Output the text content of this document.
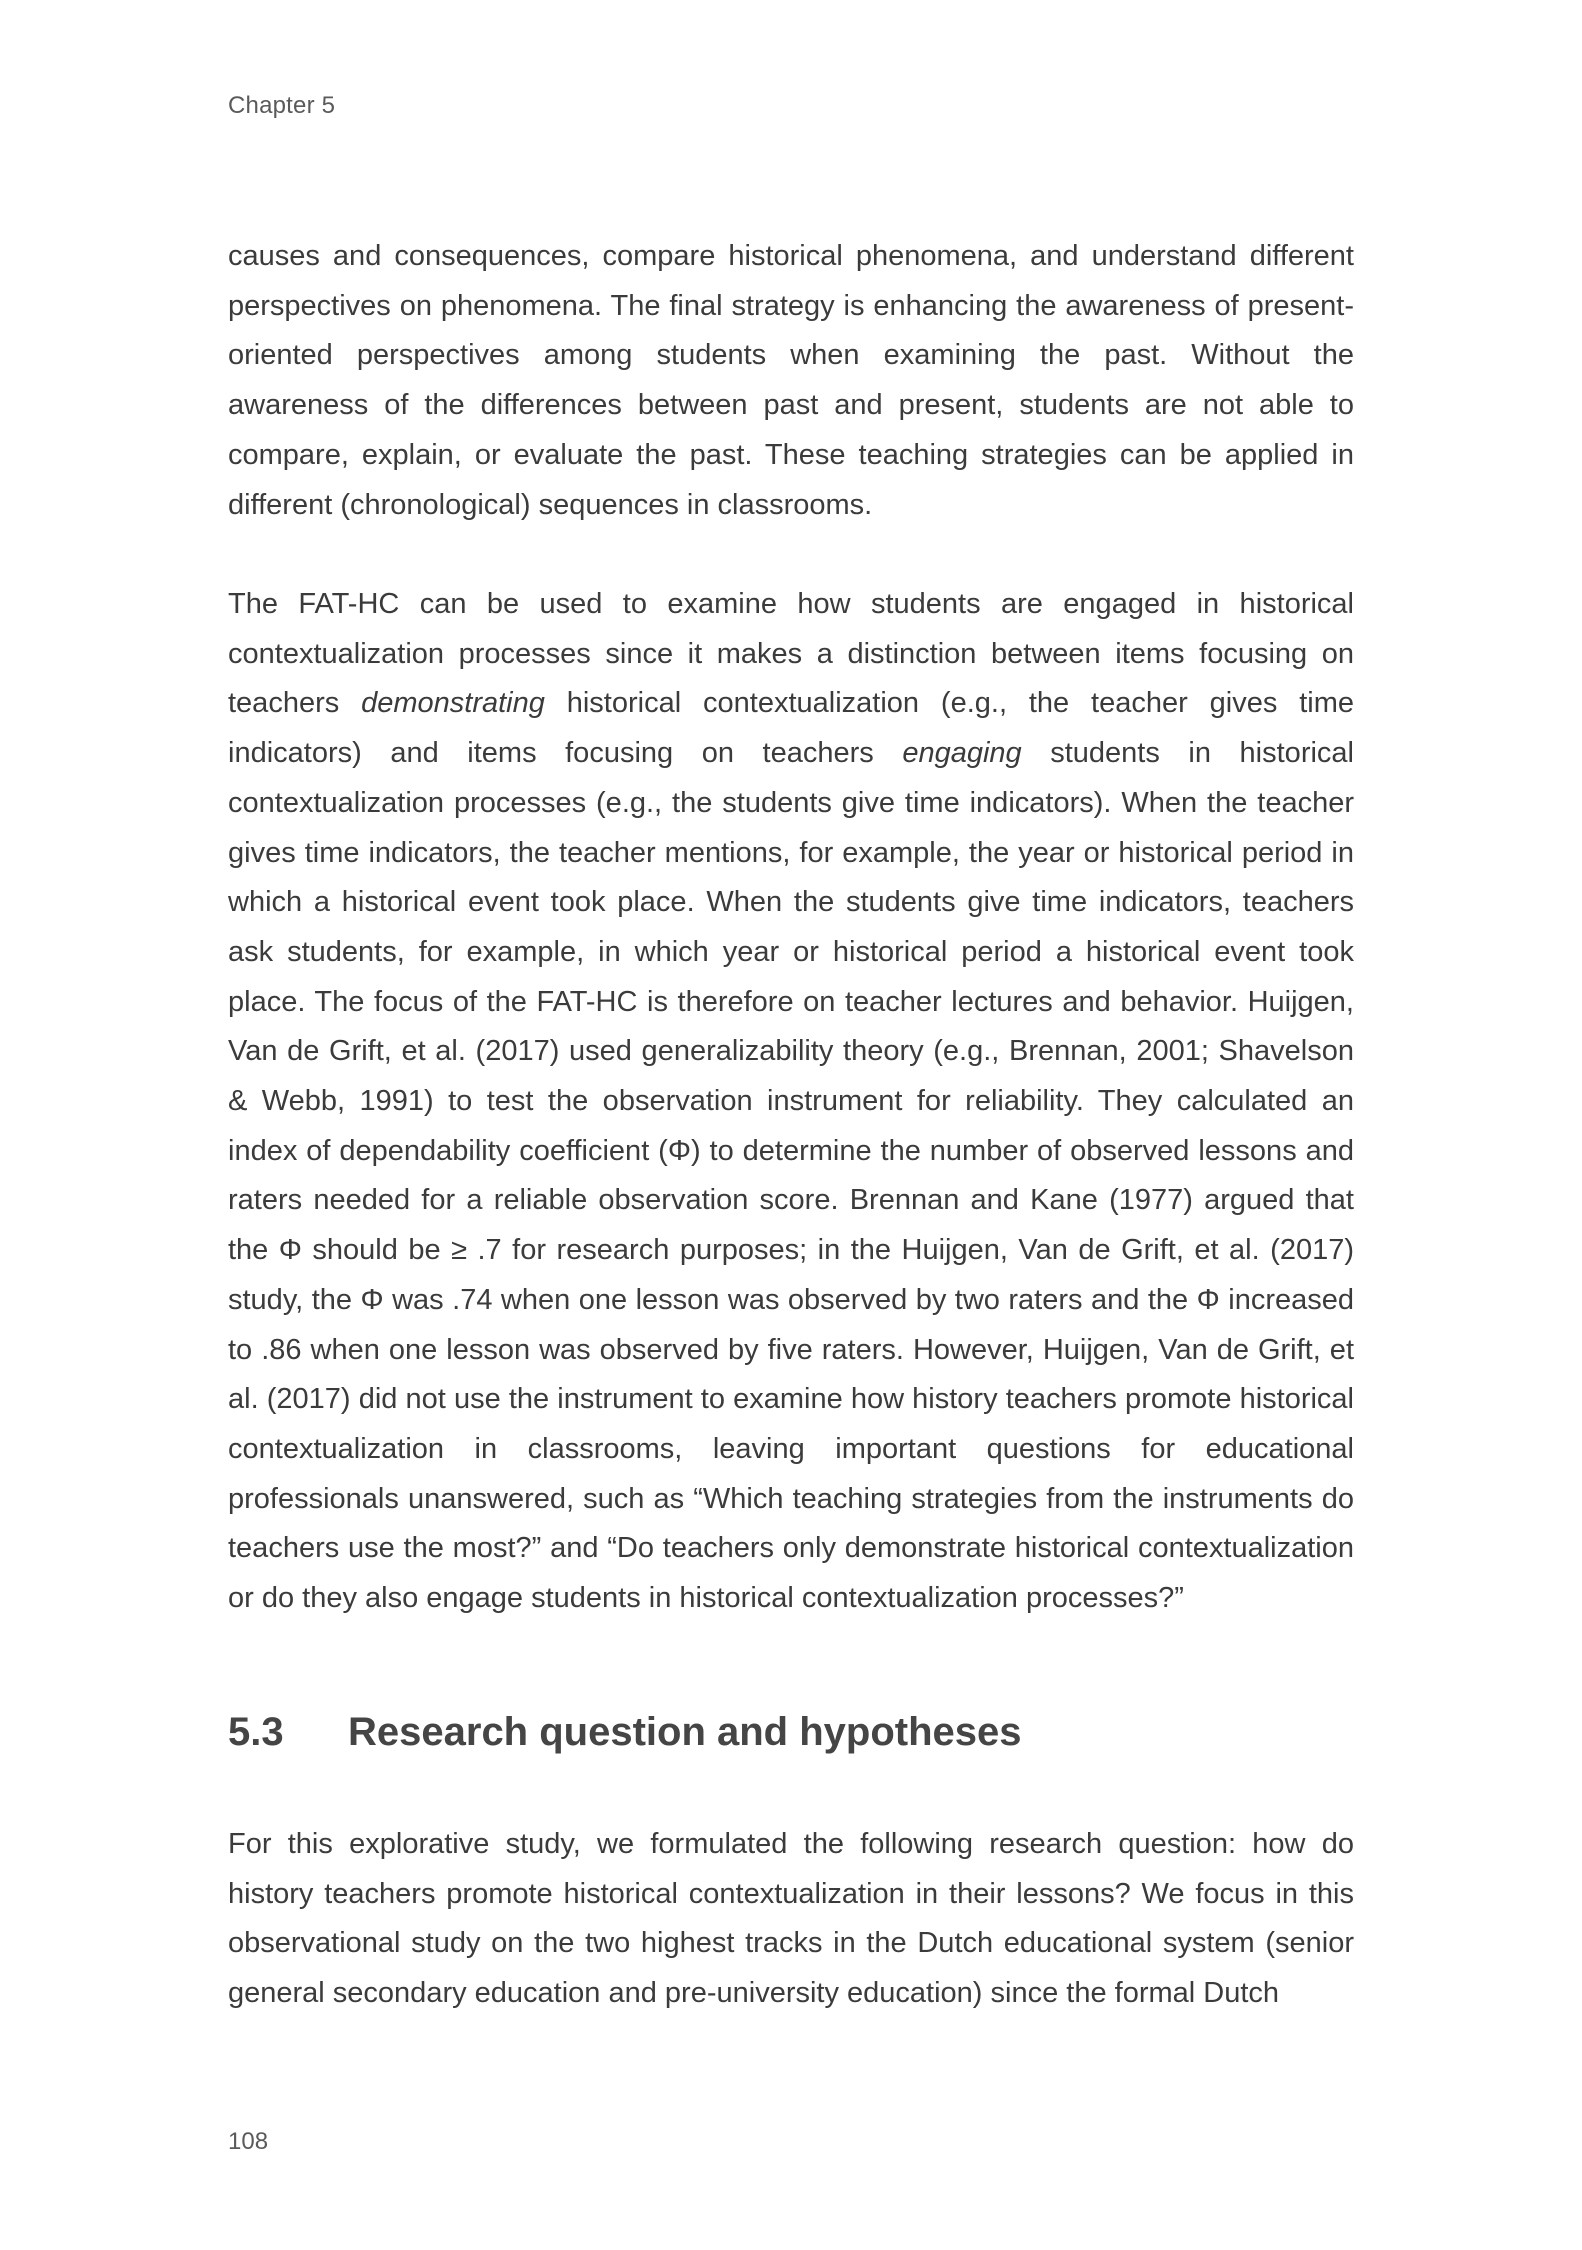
Chapter 5

causes and consequences, compare historical phenomena, and understand different perspectives on phenomena. The final strategy is enhancing the awareness of present-oriented perspectives among students when examining the past. Without the awareness of the differences between past and present, students are not able to compare, explain, or evaluate the past. These teaching strategies can be applied in different (chronological) sequences in classrooms.

The FAT-HC can be used to examine how students are engaged in historical contextualization processes since it makes a distinction between items focusing on teachers demonstrating historical contextualization (e.g., the teacher gives time indicators) and items focusing on teachers engaging students in historical contextualization processes (e.g., the students give time indicators). When the teacher gives time indicators, the teacher mentions, for example, the year or historical period in which a historical event took place. When the students give time indicators, teachers ask students, for example, in which year or historical period a historical event took place. The focus of the FAT-HC is therefore on teacher lectures and behavior. Huijgen, Van de Grift, et al. (2017) used generalizability theory (e.g., Brennan, 2001; Shavelson & Webb, 1991) to test the observation instrument for reliability. They calculated an index of dependability coefficient (Φ) to determine the number of observed lessons and raters needed for a reliable observation score. Brennan and Kane (1977) argued that the Φ should be ≥ .7 for research purposes; in the Huijgen, Van de Grift, et al. (2017) study, the Φ was .74 when one lesson was observed by two raters and the Φ increased to .86 when one lesson was observed by five raters. However, Huijgen, Van de Grift, et al. (2017) did not use the instrument to examine how history teachers promote historical contextualization in classrooms, leaving important questions for educational professionals unanswered, such as “Which teaching strategies from the instruments do teachers use the most?” and “Do teachers only demonstrate historical contextualization or do they also engage students in historical contextualization processes?”

5.3 Research question and hypotheses

For this explorative study, we formulated the following research question: how do history teachers promote historical contextualization in their lessons? We focus in this observational study on the two highest tracks in the Dutch educational system (senior general secondary education and pre-university education) since the formal Dutch

108
